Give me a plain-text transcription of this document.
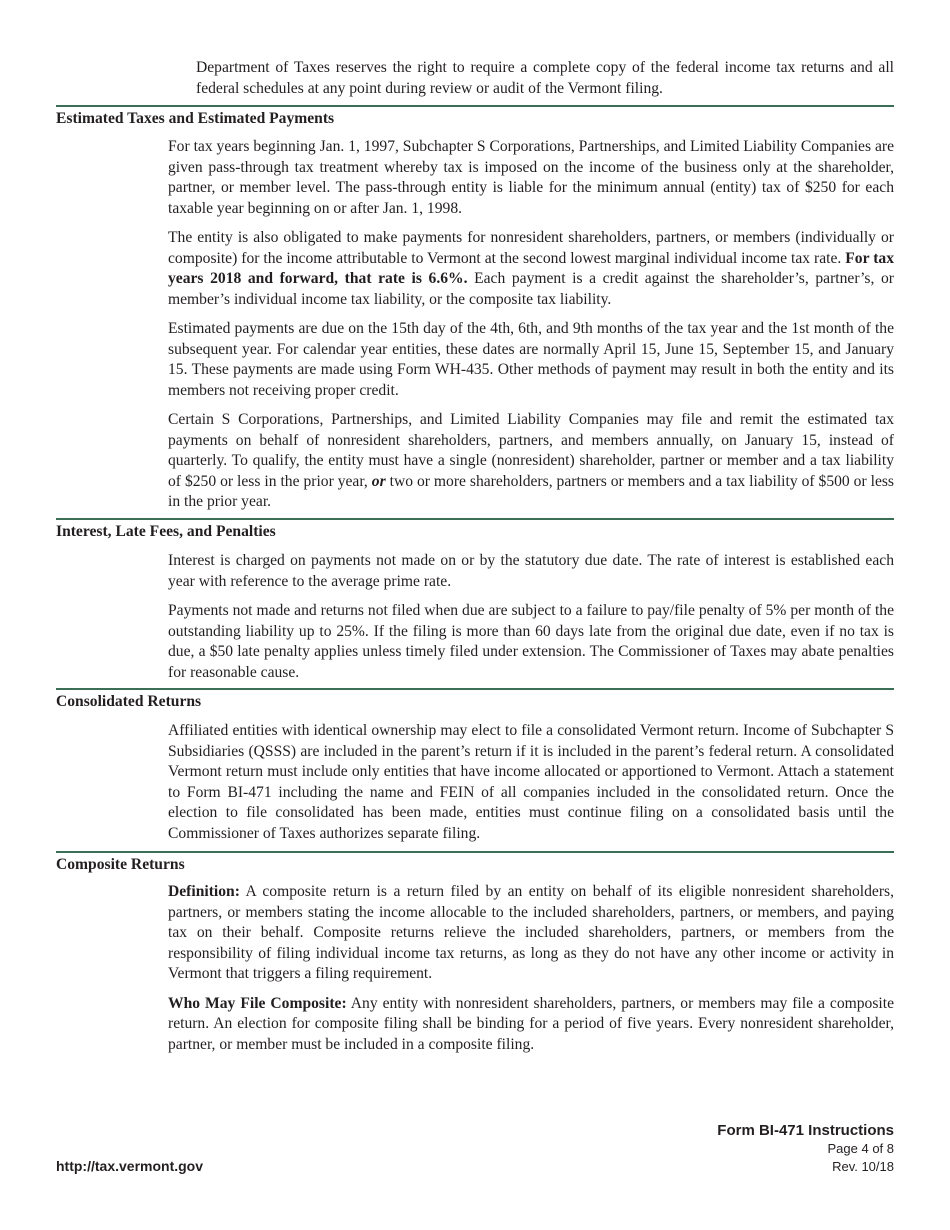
Department of Taxes reserves the right to require a complete copy of the federal income tax returns and all federal schedules at any point during review or audit of the Vermont filing.

Estimated Taxes and Estimated Payments

For tax years beginning Jan. 1, 1997, Subchapter S Corporations, Partnerships, and Limited Liability Companies are given pass-through tax treatment whereby tax is imposed on the income of the business only at the shareholder, partner, or member level. The pass-through entity is liable for the minimum annual (entity) tax of $250 for each taxable year beginning on or after Jan. 1, 1998.

The entity is also obligated to make payments for nonresident shareholders, partners, or members (individually or composite) for the income attributable to Vermont at the second lowest marginal individual income tax rate. For tax years 2018 and forward, that rate is 6.6%. Each payment is a credit against the shareholder’s, partner’s, or member’s individual income tax liability, or the composite tax liability.

Estimated payments are due on the 15th day of the 4th, 6th, and 9th months of the tax year and the 1st month of the subsequent year. For calendar year entities, these dates are normally April 15, June 15, September 15, and January 15. These payments are made using Form WH-435. Other methods of payment may result in both the entity and its members not receiving proper credit.

Certain S Corporations, Partnerships, and Limited Liability Companies may file and remit the estimated tax payments on behalf of nonresident shareholders, partners, and members annually, on January 15, instead of quarterly. To qualify, the entity must have a single (nonresident) shareholder, partner or member and a tax liability of $250 or less in the prior year, or two or more shareholders, partners or members and a tax liability of $500 or less in the prior year.

Interest, Late Fees, and Penalties

Interest is charged on payments not made on or by the statutory due date. The rate of interest is established each year with reference to the average prime rate.

Payments not made and returns not filed when due are subject to a failure to pay/file penalty of 5% per month of the outstanding liability up to 25%. If the filing is more than 60 days late from the original due date, even if no tax is due, a $50 late penalty applies unless timely filed under extension. The Commissioner of Taxes may abate penalties for reasonable cause.

Consolidated Returns

Affiliated entities with identical ownership may elect to file a consolidated Vermont return. Income of Subchapter S Subsidiaries (QSSS) are included in the parent’s return if it is included in the parent’s federal return. A consolidated Vermont return must include only entities that have income allocated or apportioned to Vermont. Attach a statement to Form BI-471 including the name and FEIN of all companies included in the consolidated return. Once the election to file consolidated has been made, entities must continue filing on a consolidated basis until the Commissioner of Taxes authorizes separate filing.

Composite Returns

Definition: A composite return is a return filed by an entity on behalf of its eligible nonresident shareholders, partners, or members stating the income allocable to the included shareholders, partners, or members, and paying tax on their behalf. Composite returns relieve the included shareholders, partners, or members from the responsibility of filing individual income tax returns, as long as they do not have any other income or activity in Vermont that triggers a filing requirement.

Who May File Composite: Any entity with nonresident shareholders, partners, or members may file a composite return. An election for composite filing shall be binding for a period of five years. Every nonresident shareholder, partner, or member must be included in a composite filing.

http://tax.vermont.gov
Form BI-471 Instructions
Page 4 of 8
Rev. 10/18
